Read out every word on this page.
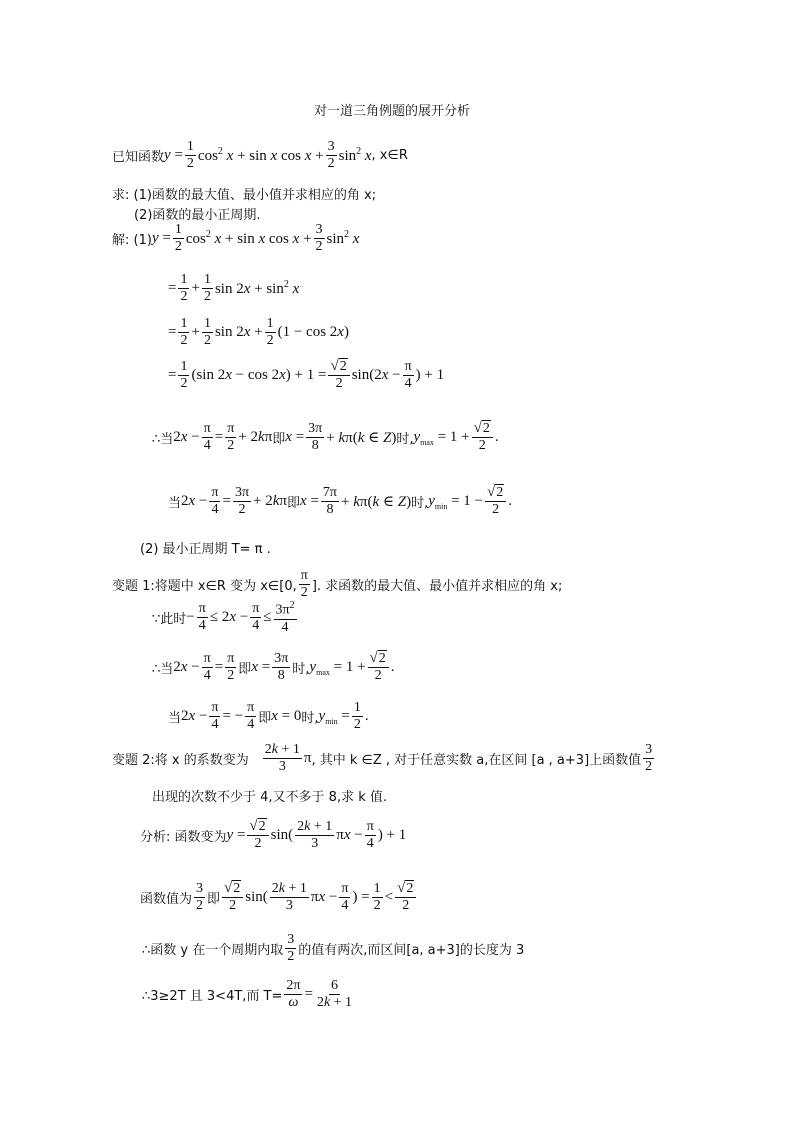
对一道三角例题的展开分析
已知函数 $y = \frac{1}{2} \cos^2 x + \sin x$ $\cos x + \frac{3}{2} \sin^2 x$ , x∈R
求: (1)函数的最大值、最小值并求相应的角 x;
(2)函数的最小正周期.
解: (1) $y = \frac{1}{2} \cos^2 x + \sin x$ $\cos x + \frac{3}{2} \sin^2 x$
= $\frac{1}{2} + \frac{1}{2}$ $\sin 2x + \sin^2 x$
= $\frac{1}{2} + \frac{1}{2}$ $\sin 2x + \frac{1}{2} (1 - \cos 2x)$
= $\frac{1}{2} (\sin$ $2x - \cos 2x) + 1 = \frac{√ 2}{2} \sin(2x - \frac{\pi}{4}$ ) + 1
∴当 $2x - \frac{\pi}{4} = \frac{\pi}{2} + 2k\pi$ 即 $x = \frac{3\pi}{8} + k\pi(k$ ∈ Z) 时, $y_{max} = 1 + \frac{√ 2}{2}$ .
当 $2x - \frac{\pi}{4} = \frac{3\pi}{2} + 2k\pi$ 即 $x = \frac{7\pi}{8} + k\pi(k$ ∈ Z) 时, $y_{min} = 1 - \frac{√ 2}{2}$ .
(2) 最小正周期 T= π .
变题 1:将题中 x∈R 变为 x∈[0, $\frac{\pi}{2}$ ]. 求函数的最大值、最小值并求相应的角 x;
∵此时 − $\frac{\pi}{4} \le 2x - \frac{\pi}{4} \le \frac{3\pi^2}{4}$
∴当 $2x - \frac{\pi}{4} = \frac{\pi}{2}$ 即 $x = \frac{3\pi}{8}$ 时, $y_{max} = 1 + \frac{√ 2}{2}$ .
当 $2x - \frac{\pi}{4}$ = − $\frac{\pi}{4}$ 即 x = 0 时, $y_{min} = \frac{1}{2}$ .
变题 2:将 x 的系数变为 $\frac{2k + 1}{3}$ π , 其中 k ∈Z , 对于任意实数 a,在区间 [a , a+3]上函数值 $\frac{3}{2}$
出现的次数不少于 4,又不多于 8,求 k 值.
分析: 函数变为 $y = \frac{√ 2}{2} \sin( \frac{2k + 1}{3}$ $\pi x - \frac{\pi}{4}$ ) + 1
函数值为 $\frac{3}{2}$ 即 $\frac{√ 2}{2} \sin( \frac{2k + 1}{3}$ $\pi x - \frac{\pi}{4}$ ) = $\frac{1}{2} < \frac{√ 2}{2}$
∴函数 y 在一个周期内取 $\frac{3}{2}$ 的值有两次,而区间[a, a+3]的长度为 3
∴3≥2T 且 3<4T,而 $T= \frac{2\pi}{\omega} = \frac{6}{2k + 1}$
